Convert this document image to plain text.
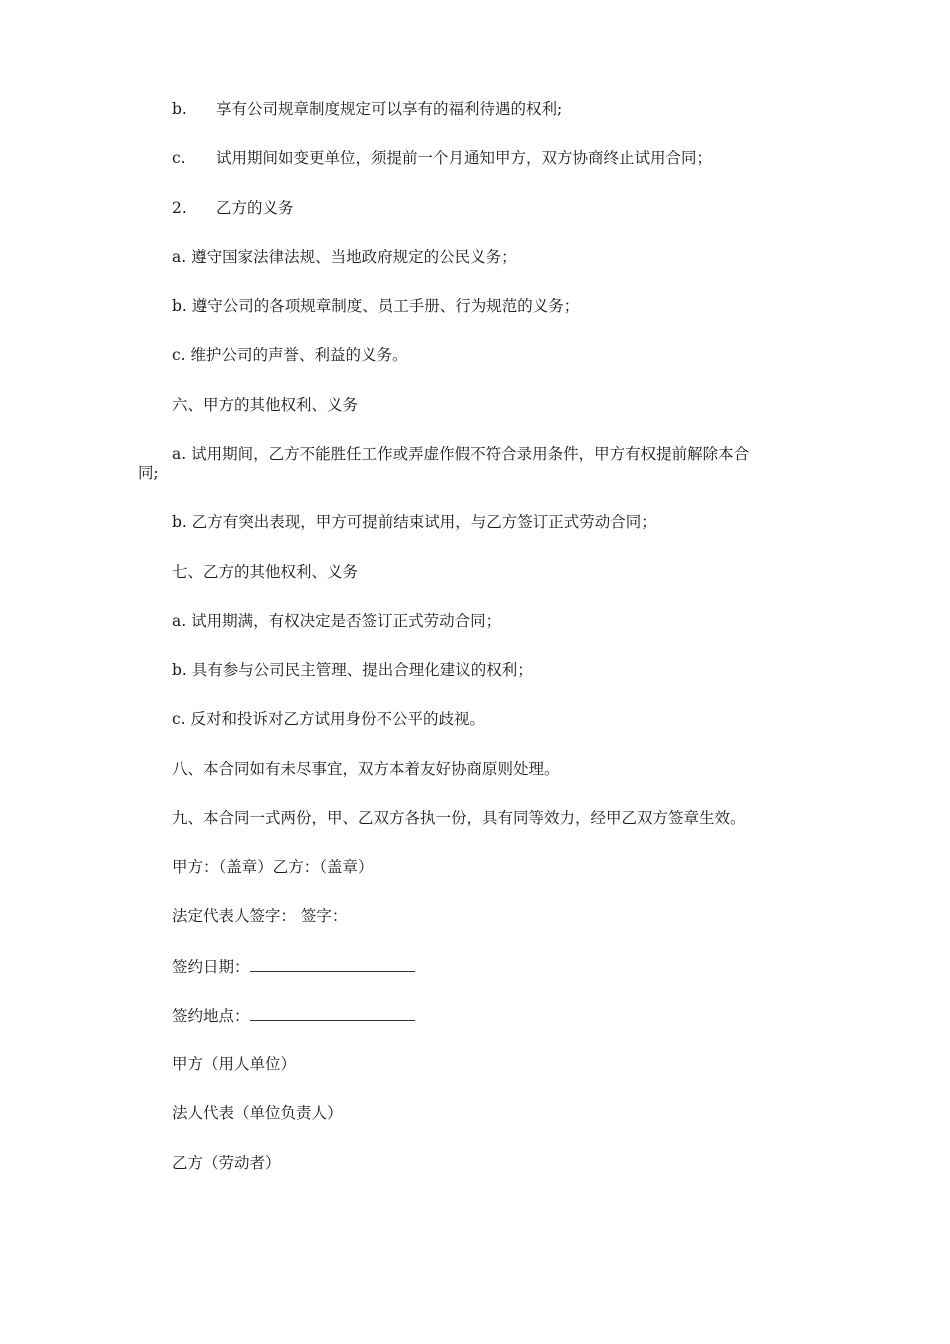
b. 享有公司规章制度规定可以享有的福利待遇的权利;
c. 试用期间如变更单位，须提前一个月通知甲方，双方协商终止试用合同；
2. 乙方的义务
a. 遵守国家法律法规、当地政府规定的公民义务；
b. 遵守公司的各项规章制度、员工手册、行为规范的义务；
c. 维护公司的声誉、利益的义务。
六、甲方的其他权利、义务
a. 试用期间，乙方不能胜任工作或弄虚作假不符合录用条件，甲方有权提前解除本合
同;
b. 乙方有突出表现，甲方可提前结束试用，与乙方签订正式劳动合同；
七、乙方的其他权利、义务
a. 试用期满，有权决定是否签订正式劳动合同；
b. 具有参与公司民主管理、提出合理化建议的权利；
c. 反对和投诉对乙方试用身份不公平的歧视。
八、本合同如有未尽事宜，双方本着友好协商原则处理。
九、本合同一式两份，甲、乙双方各执一份，具有同等效力，经甲乙双方签章生效。
甲方：（盖章）乙方：（盖章）
法定代表人签字： 签字：
签约日期：
签约地点：
甲方（用人单位）
法人代表（单位负责人）
乙方（劳动者）
